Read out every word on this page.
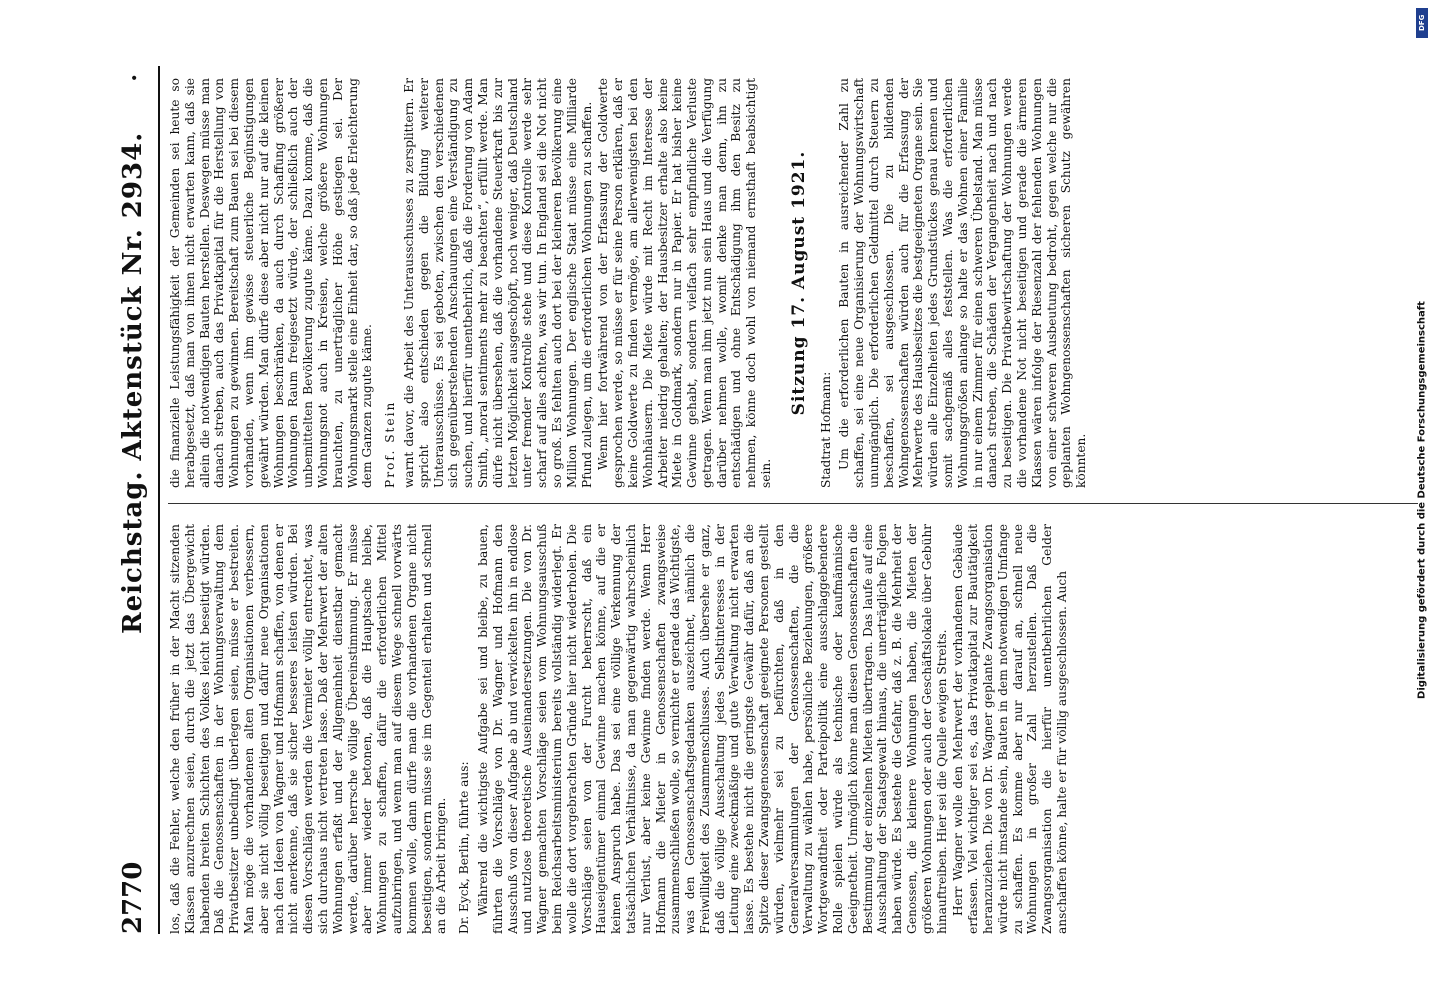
2770
Reichstag. Aktenstück Nr. 2934.
.

los, daß die Fehler, welche den früher in der Macht sitzenden Klassen anzurechnen seien, durch die jetzt das Übergewicht habenden breiten Schichten des Volkes leicht beseitigt würden. Daß die Genossenschaften in der Wohnungsverwaltung dem Privatbesitzer unbedingt überlegen seien, müsse er bestreiten. Man möge die vorhandenen alten Organisationen verbessern, aber sie nicht völlig beseitigen und dafür neue Organisationen nach den Ideen von Wagner und Hofmann schaffen, von denen er nicht anerkenne, daß sie sicher besseres leisten würden. Bei diesen Vorschlägen werden die Vermieter völlig entrechtet, was sich durchaus nicht vertreten lasse. Daß der Mehrwert der alten Wohnungen erfaßt und der Allgemeinheit dienstbar gemacht werde, darüber herrsche völlige Übereinstimmung. Er müsse aber immer wieder betonen, daß die Hauptsache bleibe, Wohnungen zu schaffen, dafür die erforderlichen Mittel aufzubringen, und wenn man auf diesem Wege schnell vorwärts kommen wolle, dann dürfe man die vorhandenen Organe nicht beseitigen, sondern müsse sie im Gegenteil erhalten und schnell an die Arbeit bringen. Dr. Eyck, Berlin, führte aus: Während die wichtigste Aufgabe sei und bleibe, zu bauen, führten die Vorschläge von Dr. Wagner und Hofmann den Ausschuß von dieser Aufgabe ab und verwickelten ihn in endlose und nutzlose theoretische Auseinandersetzungen. Die von Dr. Wagner gemachten Vorschläge seien vom Wohnungsausschuß beim Reichsarbeitsministerium bereits vollständig widerlegt. Er wolle die dort vorgebrachten Gründe hier nicht wiederholen. Die Vorschläge seien von der Furcht beherrscht, daß ein Hauseigentümer einmal Gewinne machen könne, auf die er keinen Anspruch habe. Das sei eine völlige Verkennung der tatsächlichen Verhältnisse, da man gegenwärtig wahrscheinlich nur Verlust, aber keine Gewinne finden werde. Wenn Herr Hofmann die Mieter in Genossenschaften zwangsweise zusammenschließen wolle, so vernichte er gerade das Wichtigste, was den Genossenschaftsgedanken auszeichnet, nämlich die Freiwilligkeit des Zusammenschlusses. Auch übersehe er ganz, daß die völlige Ausschaltung jedes Selbstinteresses in der Leitung eine zweckmäßige und gute Verwaltung nicht erwarten lasse. Es bestehe nicht die geringste Gewähr dafür, daß an die Spitze dieser Zwangsgenossenschaft geeignete Personen gestellt würden, vielmehr sei zu befürchten, daß in den Generalversammlungen der Genossenschaften, die die Verwaltung zu wählen habe, persönliche Beziehungen, größere Wortgewandtheit oder Parteipolitik eine ausschlaggebendere Rolle spielen würde als technische oder kaufmännische Geeignetheit. Unmöglich könne man diesen Genossenschaften die Bestimmung der einzelnen Mieten übertragen. Das laufe auf eine Ausschaltung der Staatsgewalt hinaus, die unerträgliche Folgen haben würde. Es bestehe die Gefahr, daß z. B. die Mehrheit der Genossen, die kleinere Wohnungen haben, die Mieten der größeren Wohnungen oder auch der Geschäftslokale über Gebühr hinauftreiben. Hier sei die Quelle ewigen Streits. Herr Wagner wolle den Mehrwert der vorhandenen Gebäude erfassen. Viel wichtiger sei es, das Privatkapital zur Bautätigkeit heranzuziehen. Die von Dr. Wagner geplante Zwangsorganisation würde nicht imstande sein, Bauten in dem notwendigen Umfange zu schaffen. Es komme aber nur darauf an, schnell neue Wohnungen in großer Zahl herzustellen. Daß die Zwangsorganisation die hierfür unentbehrlichen Gelder anschaffen könne, halte er für völlig ausgeschlossen. Auch

die finanzielle Leistungsfähigkeit der Gemeinden sei heute so herabgesetzt, daß man von ihnen nicht erwarten kann, daß sie allein die notwendigen Bauten herstellen. Deswegen müsse man danach streben, auch das Privatkapital für die Herstellung von Wohnungen zu gewinnen. Bereitschaft zum Bauen sei bei diesem vorhanden, wenn ihm gewisse steuerliche Begünstigungen gewährt würden. Man dürfe diese aber nicht nur auf die kleinen Wohnungen beschränken, da auch durch Schaffung größerer Wohnungen Raum freigesetzt würde, der schließlich auch der unbemittelten Bevölkerung zugute käme. Dazu komme, daß die Wohnungsnot auch in Kreisen, welche größere Wohnungen brauchten, zu unerträglicher Höhe gestiegen sei. Der Wohnungsmarkt stelle eine Einheit dar, so daß jede Erleichterung dem Ganzen zugute käme. Prof. Stein warnt davor, die Arbeit des Unterausschusses zu zersplittern. Er spricht also entschieden gegen die Bildung weiterer Unterausschüsse. Es sei geboten, zwischen den verschiedenen sich gegenüberstehenden Anschauungen eine Verständigung zu suchen, und hierfür unentbehrlich, daß die Forderung von Adam Smith, „moral sentiments mehr zu beachten“, erfüllt werde. Man dürfe nicht übersehen, daß die vorhandene Steuerkraft bis zur letzten Möglichkeit ausgeschöpft, noch weniger, daß Deutschland unter fremder Kontrolle stehe und diese Kontrolle werde sehr scharf auf alles achten, was wir tun. In England sei die Not nicht so groß. Es fehlten auch dort bei der kleineren Bevölkerung eine Million Wohnungen. Der englische Staat müsse eine Milliarde Pfund zulegen, um die erforderlichen Wohnungen zu schaffen. Wenn hier fortwährend von der Erfassung der Goldwerte gesprochen werde, so müsse er für seine Person erklären, daß er keine Goldwerte zu finden vermöge, am allerwenigsten bei den Wohnhäusern. Die Miete würde mit Recht im Interesse der Arbeiter niedrig gehalten; der Hausbesitzer erhalte also keine Miete in Goldmark, sondern nur in Papier. Er hat bisher keine Gewinne gehabt, sondern vielfach sehr empfindliche Verluste getragen. Wenn man ihm jetzt nun sein Haus und die Verfügung darüber nehmen wolle, womit denke man denn, ihn zu entschädigen und ohne Entschädigung ihm den Besitz zu nehmen, könne doch wohl von niemand ernsthaft beabsichtigt sein.

Sitzung 17. August 1921.
Stadtrat Hofmann: Um die erforderlichen Bauten in ausreichender Zahl zu schaffen, sei eine neue Organisierung der Wohnungswirtschaft unumgänglich. Die erforderlichen Geldmittel durch Steuern zu beschaffen, sei ausgeschlossen. Die zu bildenden Wohngenossenschaften würden auch für die Erfassung der Mehrwerte des Hausbesitzes die bestgeeigneten Organe sein. Sie würden alle Einzelheiten jedes Grundstückes genau kennen und somit sachgemäß alles feststellen. Was die erforderlichen Wohnungsgrößen anlange so halte er das Wohnen einer Familie in nur einem Zimmer für einen schweren Übelstand. Man müsse danach streben, die Schäden der Vergangenheit nach und nach zu beseitigen. Die Privatbewirtschaftung der Wohnungen werde die vorhandene Not nicht beseitigen und gerade die ärmeren Klassen wären infolge der Riesenzahl der fehlenden Wohnungen von einer schweren Ausbeutung bedroht, gegen welche nur die geplanten Wohngenossenschaften sicheren Schutz gewähren könnten.

DFG
Digitalisierung gefördert durch die Deutsche Forschungsgemeinschaft
